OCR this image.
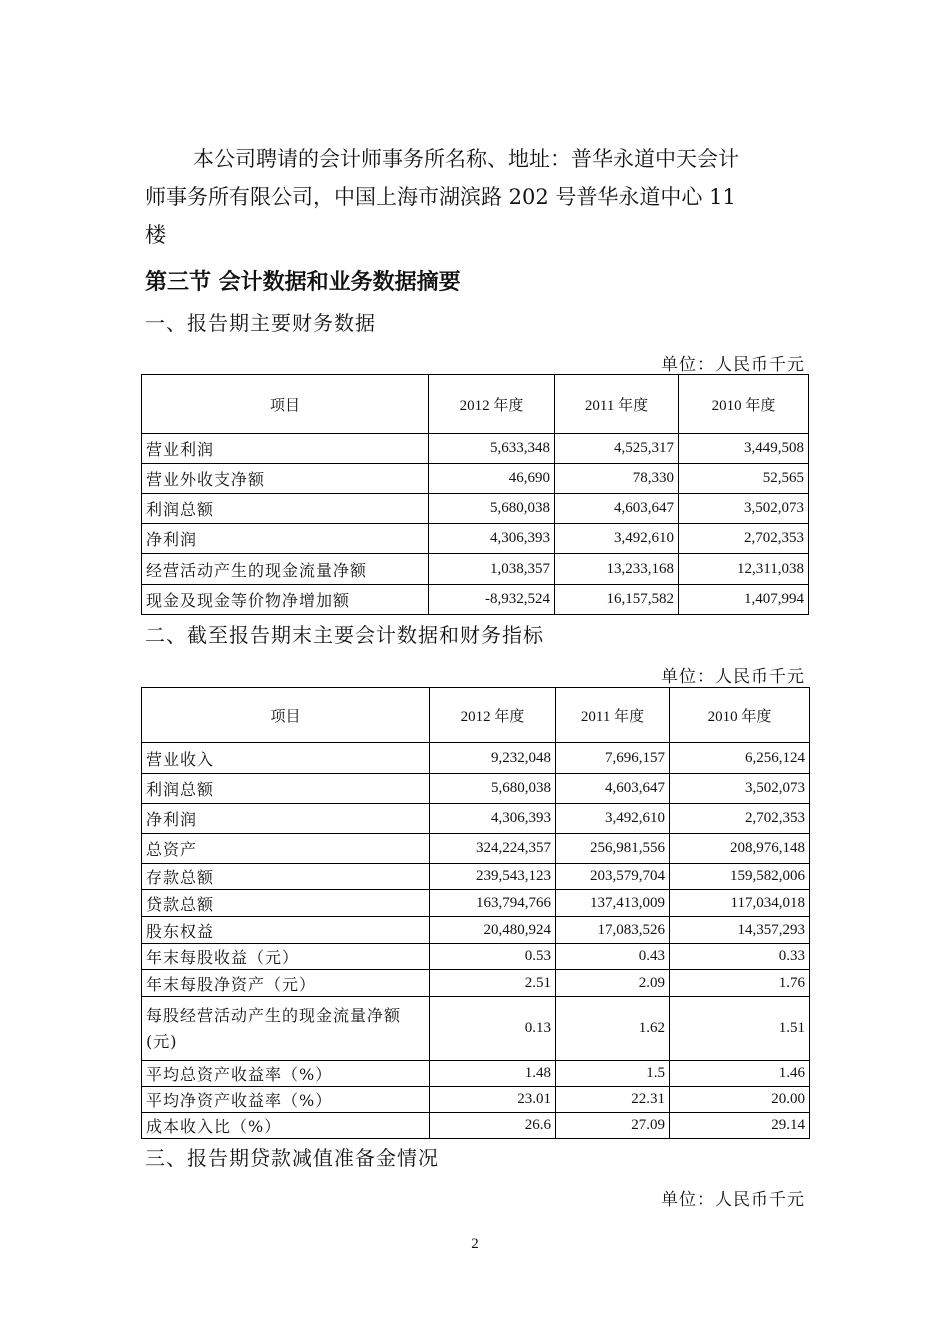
本公司聘请的会计师事务所名称、地址：普华永道中天会计

师事务所有限公司，中国上海市湖滨路 202 号普华永道中心 11

楼

第三节 会计数据和业务数据摘要
一、报告期主要财务数据
单位：人民币千元
项目	2012 年度	2011 年度	2010 年度
营业利润	5,633,348	4,525,317	3,449,508
营业外收支净额	46,690	78,330	52,565
利润总额	5,680,038	4,603,647	3,502,073
净利润	4,306,393	3,492,610	2,702,353
经营活动产生的现金流量净额	1,038,357	13,233,168	12,311,038
现金及现金等价物净增加额	-8,932,524	16,157,582	1,407,994
二、截至报告期末主要会计数据和财务指标
单位：人民币千元
项目	2012 年度	2011 年度	2010 年度
营业收入	9,232,048	7,696,157	6,256,124
利润总额	5,680,038	4,603,647	3,502,073
净利润	4,306,393	3,492,610	2,702,353
总资产	324,224,357	256,981,556	208,976,148
存款总额	239,543,123	203,579,704	159,582,006
贷款总额	163,794,766	137,413,009	117,034,018
股东权益	20,480,924	17,083,526	14,357,293
年末每股收益（元）	0.53	0.43	0.33
年末每股净资产（元）	2.51	2.09	1.76
每股经营活动产生的现金流量净额(元)	0.13	1.62	1.51
平均总资产收益率（%）	1.48	1.5	1.46
平均净资产收益率（%）	23.01	22.31	20.00
成本收入比（%）	26.6	27.09	29.14
三、报告期贷款减值准备金情况
单位：人民币千元
2
